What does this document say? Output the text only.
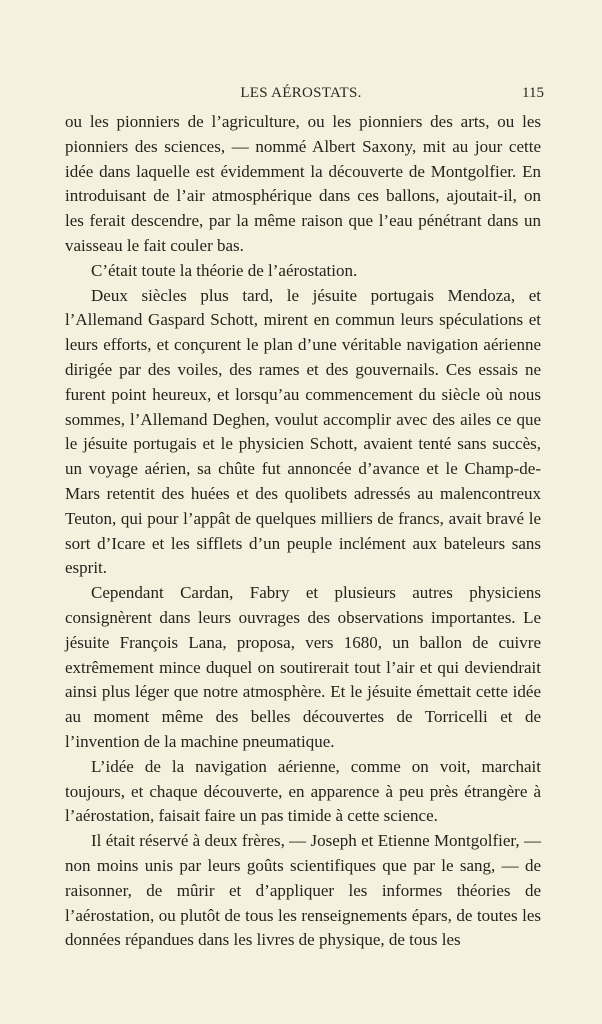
LES AÉROSTATS.	115

ou les pionniers de l’agriculture, ou les pionniers des arts, ou les pionniers des sciences, — nommé Albert Saxony, mit au jour cette idée dans laquelle est évidemment la découverte de Montgolfier. En introduisant de l’air atmosphérique dans ces ballons, ajoutait-il, on les ferait descendre, par la même raison que l’eau pénétrant dans un vaisseau le fait couler bas.

C’était toute la théorie de l’aérostation.

Deux siècles plus tard, le jésuite portugais Mendoza, et l’Allemand Gaspard Schott, mirent en commun leurs spéculations et leurs efforts, et conçurent le plan d’une véritable navigation aérienne dirigée par des voiles, des rames et des gouvernails. Ces essais ne furent point heureux, et lorsqu’au commencement du siècle où nous sommes, l’Allemand Deghen, voulut accomplir avec des ailes ce que le jésuite portugais et le physicien Schott, avaient tenté sans succès, un voyage aérien, sa chûte fut annoncée d’avance et le Champ-de-Mars retentit des huées et des quolibets adressés au malencontreux Teuton, qui pour l’appât de quelques milliers de francs, avait bravé le sort d’Icare et les sifflets d’un peuple inclément aux bateleurs sans esprit.

Cependant Cardan, Fabry et plusieurs autres physiciens consignèrent dans leurs ouvrages des observations importantes. Le jésuite François Lana, proposa, vers 1680, un ballon de cuivre extrêmement mince duquel on soutirerait tout l’air et qui deviendrait ainsi plus léger que notre atmosphère. Et le jésuite émettait cette idée au moment même des belles découvertes de Torricelli et de l’invention de la machine pneumatique.

L’idée de la navigation aérienne, comme on voit, marchait toujours, et chaque découverte, en apparence à peu près étrangère à l’aérostation, faisait faire un pas timide à cette science.

Il était réservé à deux frères, — Joseph et Etienne Montgolfier, — non moins unis par leurs goûts scientifiques que par le sang, — de raisonner, de mûrir et d’appliquer les informes théories de l’aérostation, ou plutôt de tous les renseignements épars, de toutes les données répandues dans les livres de physique, de tous les
